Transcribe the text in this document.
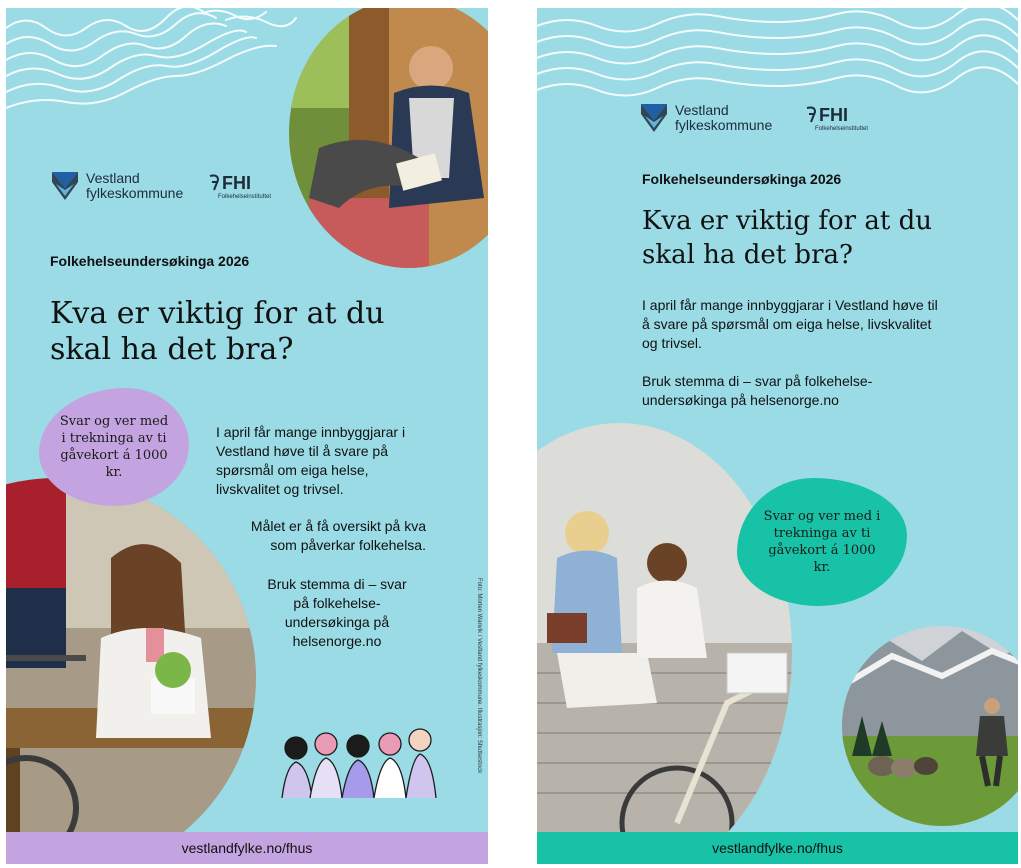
Vestland fylkeskommune
FHI
Folkehelseinstituttet
Folkehelseundersøkinga 2026
Kva er viktig for at du skal ha det bra?
Svar og ver med i trekninga av ti gåvekort á 1000 kr.
I april får mange innbyggjarar i Vestland høve til å svare på spørsmål om eiga helse, livskvalitet og trivsel.
Målet er å få oversikt på kva som påverkar folkehelsa.
Bruk stemma di – svar på folkehelse-undersøkinga på helsenorge.no	Foto: Morten Wanvik / Vestland fylkeskommune. Illustrasjon: Shutterstock
vestlandfylke.no/fhus
Vestland fylkeskommune
FHI
Folkehelseinstituttet
Folkehelseundersøkinga 2026
Kva er viktig for at du skal ha det bra?
I april får mange innbyggjarar i Vestland høve til å svare på spørsmål om eiga helse, livskvalitet og trivsel.
Bruk stemma di – svar på folkehelse-undersøkinga på helsenorge.no
Svar og ver med i trekninga av ti gåvekort á 1000 kr.
vestlandfylke.no/fhus
